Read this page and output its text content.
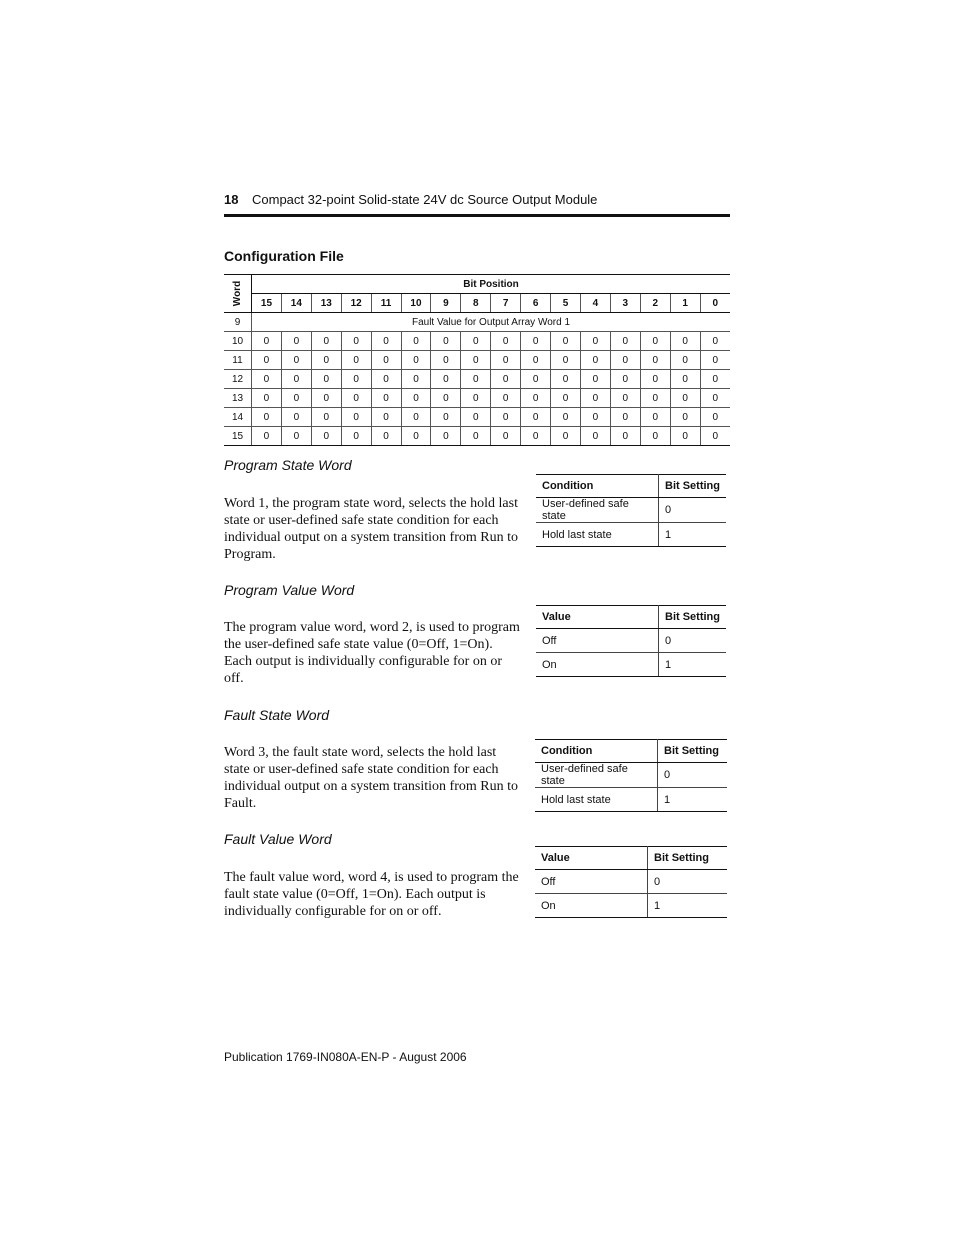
18 Compact 32-point Solid-state 24V dc Source Output Module
Configuration File
Word	Bit Position															
	15	14	13	12	11	10	9	8	7	6	5	4	3	2	1	0
9	Fault Value for Output Array Word 1															
10	0	0	0	0	0	0	0	0	0	0	0	0	0	0	0	0
11	0	0	0	0	0	0	0	0	0	0	0	0	0	0	0	0
12	0	0	0	0	0	0	0	0	0	0	0	0	0	0	0	0
13	0	0	0	0	0	0	0	0	0	0	0	0	0	0	0	0
14	0	0	0	0	0	0	0	0	0	0	0	0	0	0	0	0
15	0	0	0	0	0	0	0	0	0	0	0	0	0	0	0	0
Program State Word
Word 1, the program state word, selects the hold last state or user-defined safe state condition for each individual output on a system transition from Run to Program.
Condition	Bit Setting
User-defined safe state	0
Hold last state	1
Program Value Word
The program value word, word 2, is used to program the user-defined safe state value (0=Off, 1=On). Each output is individually configurable for on or off.
Value	Bit Setting
Off	0
On	1
Fault State Word
Word 3, the fault state word, selects the hold last state or user-defined safe state condition for each individual output on a system transition from Run to Fault.
Condition	Bit Setting
User-defined safe state	0
Hold last state	1
Fault Value Word
The fault value word, word 4, is used to program the fault state value (0=Off, 1=On). Each output is individually configurable for on or off.
Value	Bit Setting
Off	0
On	1
Publication 1769-IN080A-EN-P - August 2006
